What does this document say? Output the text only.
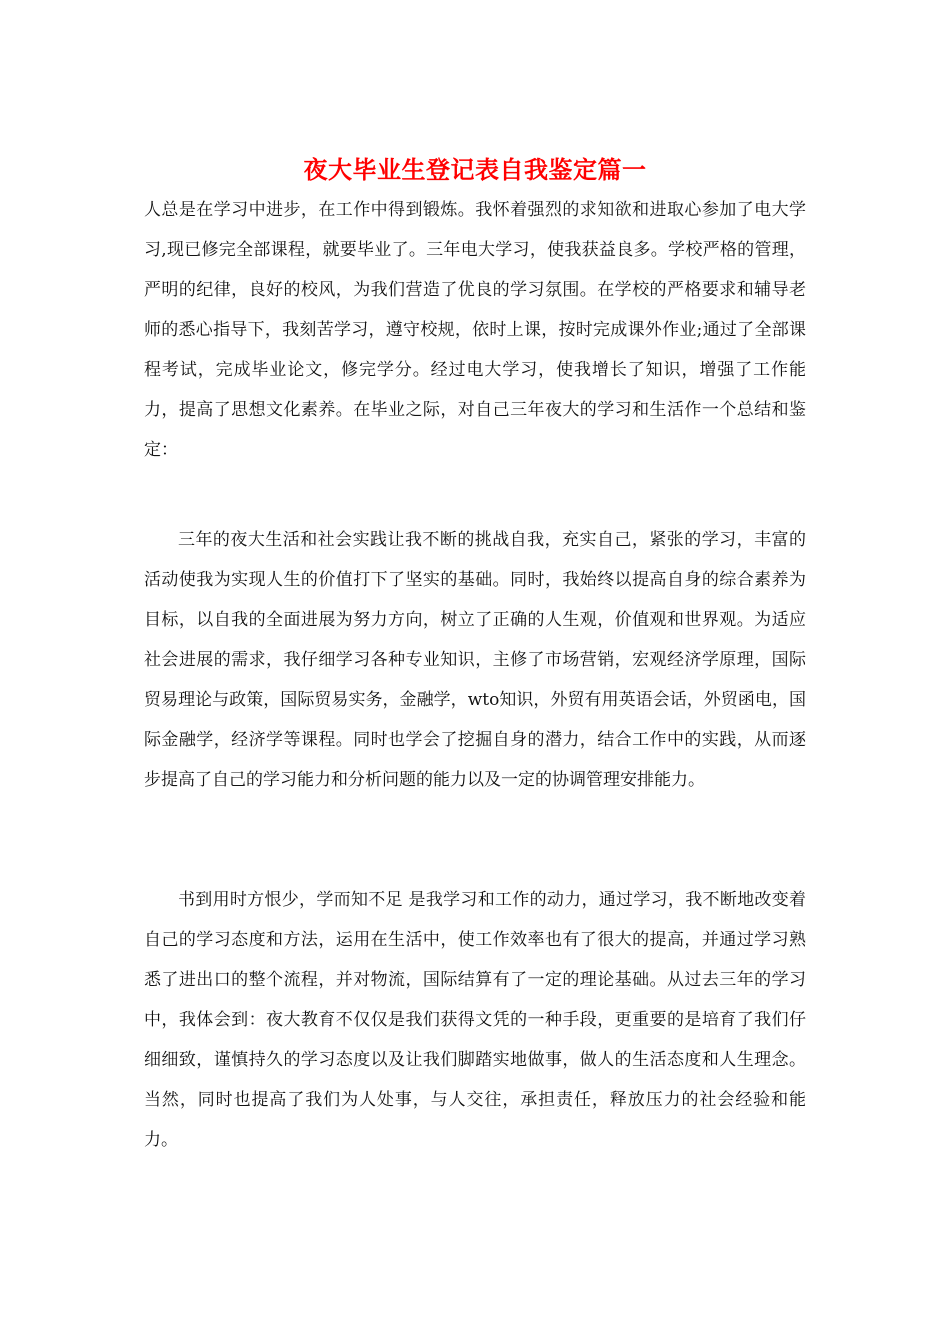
夜大毕业生登记表自我鉴定篇一

人总是在学习中进步，在工作中得到锻炼。我怀着强烈的求知欲和进取心参加了电大学习,现已修完全部课程，就要毕业了。三年电大学习，使我获益良多。学校严格的管理，严明的纪律，良好的校风，为我们营造了优良的学习氛围。在学校的严格要求和辅导老师的悉心指导下，我刻苦学习，遵守校规，依时上课，按时完成课外作业;通过了全部课程考试，完成毕业论文，修完学分。经过电大学习，使我增长了知识，增强了工作能力，提高了思想文化素养。在毕业之际，对自己三年夜大的学习和生活作一个总结和鉴定：

三年的夜大生活和社会实践让我不断的挑战自我，充实自己，紧张的学习，丰富的活动使我为实现人生的价值打下了坚实的基础。同时，我始终以提高自身的综合素养为目标，以自我的全面进展为努力方向，树立了正确的人生观，价值观和世界观。为适应社会进展的需求，我仔细学习各种专业知识，主修了市场营销，宏观经济学原理，国际贸易理论与政策，国际贸易实务，金融学，wto知识，外贸有用英语会话，外贸函电，国际金融学，经济学等课程。同时也学会了挖掘自身的潜力，结合工作中的实践，从而逐步提高了自己的学习能力和分析问题的能力以及一定的协调管理安排能力。

书到用时方恨少，学而知不足 是我学习和工作的动力，通过学习，我不断地改变着自己的学习态度和方法，运用在生活中，使工作效率也有了很大的提高，并通过学习熟悉了进出口的整个流程，并对物流，国际结算有了一定的理论基础。从过去三年的学习中，我体会到：夜大教育不仅仅是我们获得文凭的一种手段，更重要的是培育了我们仔细细致，谨慎持久的学习态度以及让我们脚踏实地做事，做人的生活态度和人生理念。当然，同时也提高了我们为人处事，与人交往，承担责任，释放压力的社会经验和能力。
